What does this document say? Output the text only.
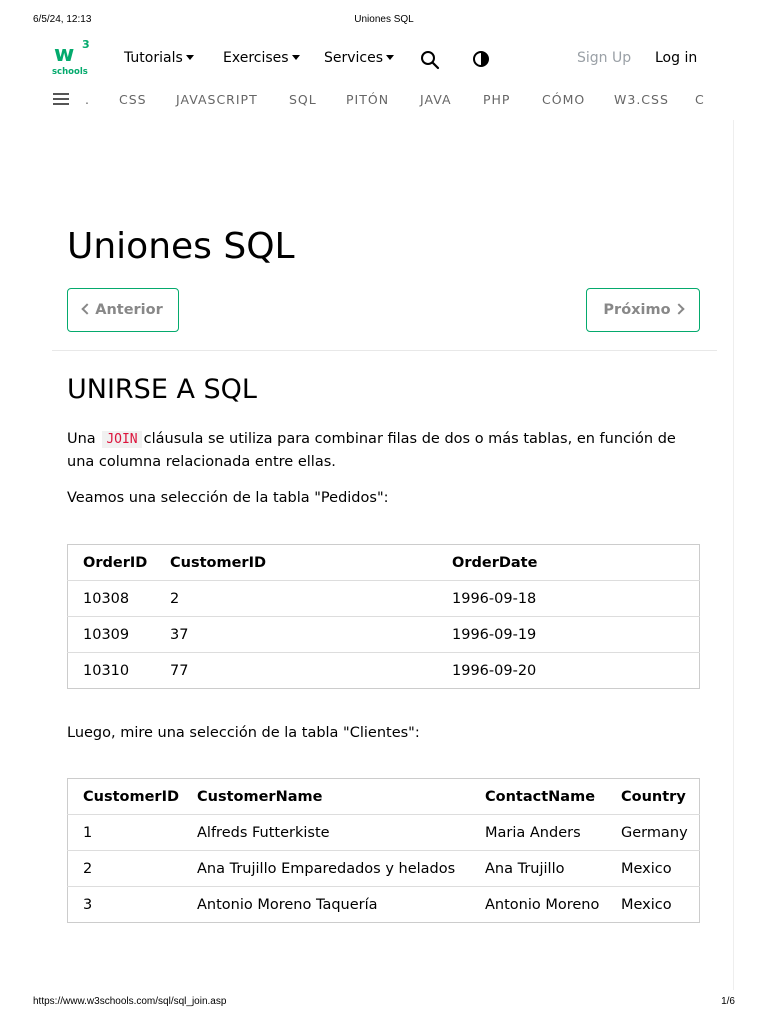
6/5/24, 12:13	Uniones SQL
w 3
schools
Tutorials	Exercises	Services	Sign Up Log in
. CSS JAVASCRIPT	SQL PITÓN JAVA	PHP	CÓMO W3.CSS C
Uniones SQL
Anterior	Próximo
UNIRSE A SQL

Una JOIN cláusula se utiliza para combinar filas de dos o más tablas, en función de una columna relacionada entre ellas.

Veamos una selección de la tabla "Pedidos":

OrderID	CustomerID	OrderDate
10308	2	1996-09-18
10309	37	1996-09-19
10310	77	1996-09-20

Luego, mire una selección de la tabla "Clientes":

CustomerID	CustomerName	ContactName	Country
1	Alfreds Futterkiste	Maria Anders	Germany
2	Ana Trujillo Emparedados y helados	Ana Trujillo	Mexico
3	Antonio Moreno Taquería	Antonio Moreno	Mexico
https://www.w3schools.com/sql/sql_join.asp	1/6
